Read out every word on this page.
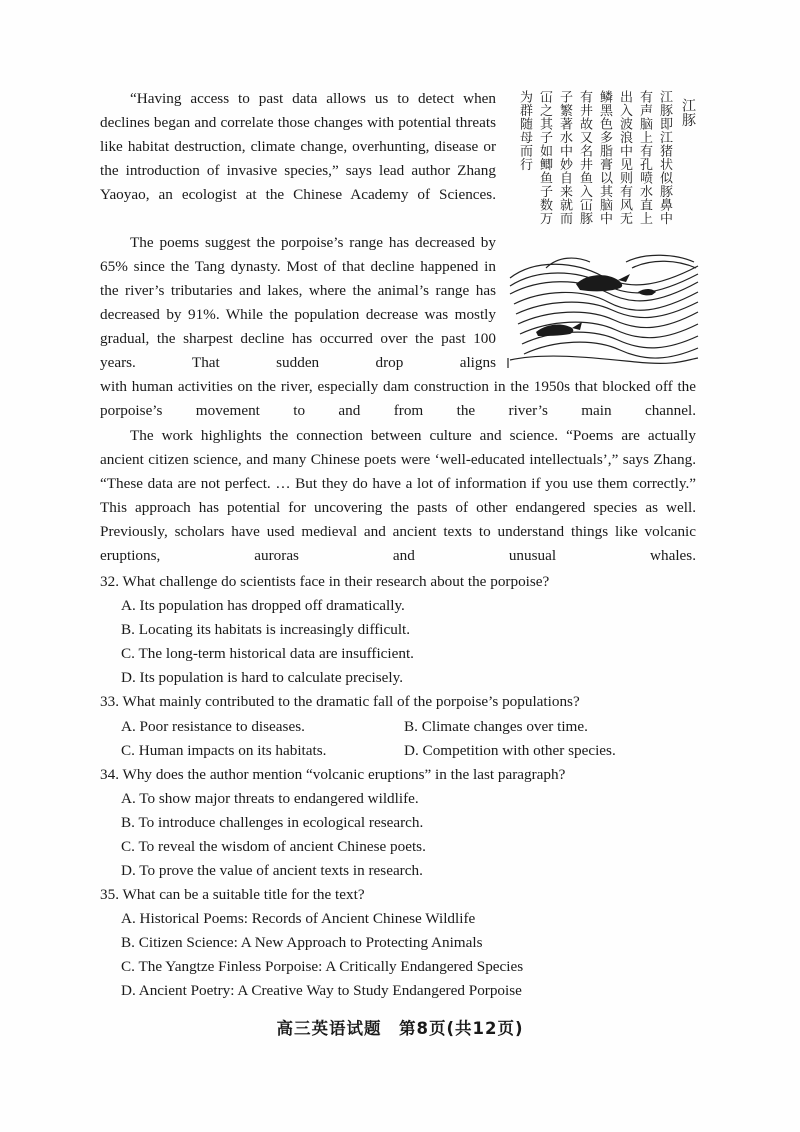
“Having access to past data allows us to detect when declines began and correlate those changes with potential threats like habitat destruction, climate change, overhunting, disease or the introduction of invasive species,” says lead author Zhang Yaoyao, an ecologist at the Chinese Academy of Sciences.

The poems suggest the porpoise’s range has decreased by 65% since the Tang dynasty. Most of that decline happened in the river’s tributaries and lakes, where the animal’s range has decreased by 91%. While the population decrease was mostly gradual, the sharpest decline has occurred over the past 100 years. That sudden drop aligns

with human activities on the river, especially dam construction in the 1950s that blocked off the porpoise’s movement to and from the river’s main channel.

The work highlights the connection between culture and science. “Poems are actually ancient citizen science, and many Chinese poets were ‘well-educated intellectuals’,” says Zhang. “These data are not perfect. … But they do have a lot of information if you use them correctly.” This approach has potential for uncovering the pasts of other endangered species as well. Previously, scholars have used medieval and ancient texts to understand things like volcanic eruptions, auroras and unusual whales.

江豚
江豚即江猪状似豚鼻中
有声脑上有孔喷水直上
出入波浪中见则有风无
鳞黑色多脂膏以其脑中
有井故又名井鱼入冚豚
子繁著水中妙自来就而
冚之其子如鲫鱼子数万
为群随母而行
32. What challenge do scientists face in their research about the porpoise?
A. Its population has dropped off dramatically.
B. Locating its habitats is increasingly difficult.
C. The long-term historical data are insufficient.
D. Its population is hard to calculate precisely.
33. What mainly contributed to the dramatic fall of the porpoise’s populations?
A. Poor resistance to diseases.	B. Climate changes over time.
C. Human impacts on its habitats.	D. Competition with other species.
34. Why does the author mention “volcanic eruptions” in the last paragraph?
A. To show major threats to endangered wildlife.
B. To introduce challenges in ecological research.
C. To reveal the wisdom of ancient Chinese poets.
D. To prove the value of ancient texts in research.
35. What can be a suitable title for the text?
A. Historical Poems: Records of Ancient Chinese Wildlife
B. Citizen Science: A New Approach to Protecting Animals
C. The Yangtze Finless Porpoise: A Critically Endangered Species
D. Ancient Poetry: A Creative Way to Study Endangered Porpoise
高三英语试题　第8页(共12页)
